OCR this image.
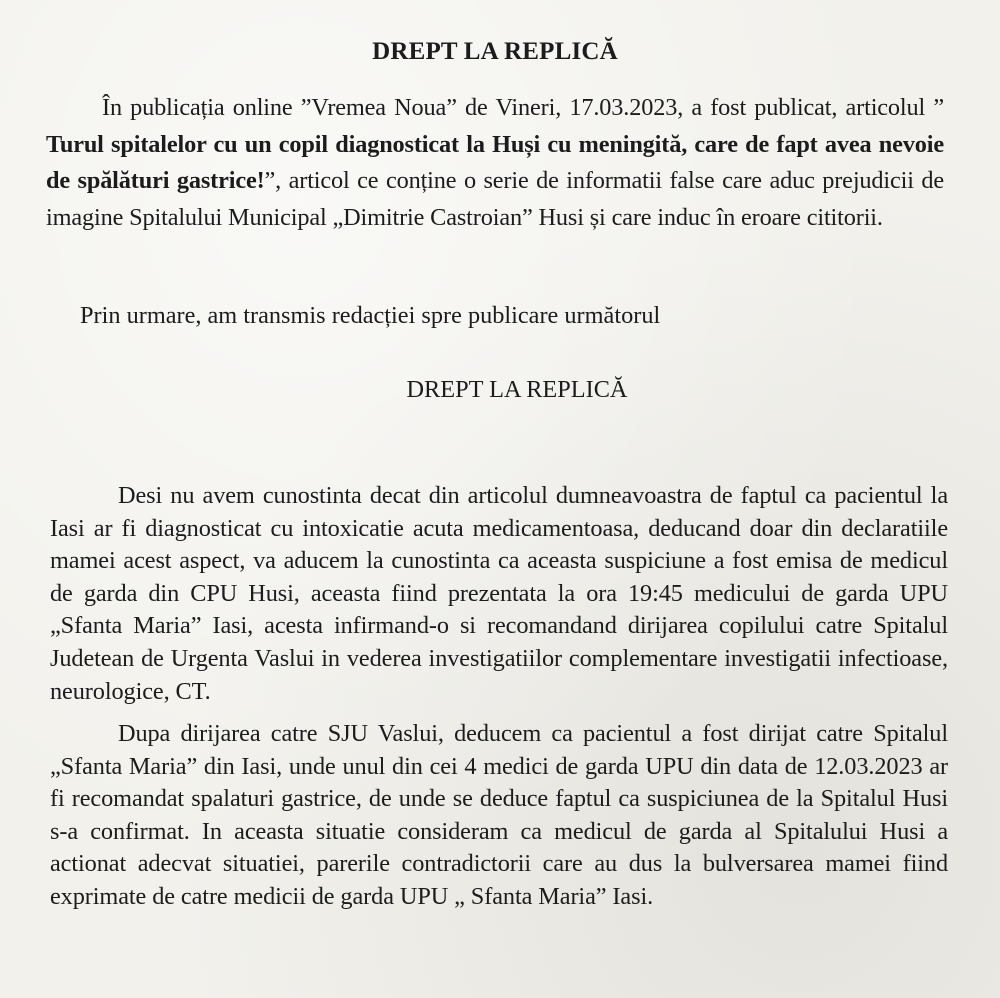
DREPT LA REPLICĂ
În publicația online ”Vremea Noua” de Vineri, 17.03.2023, a fost publicat, articolul ” Turul spitalelor cu un copil diagnosticat la Huși cu meningită, care de fapt avea nevoie de spălături gastrice!”, articol ce conține o serie de informatii false care aduc prejudicii de imagine Spitalului Municipal „Dimitrie Castroian” Husi și care induc în eroare cititorii.
Prin urmare, am transmis redacției spre publicare următorul
DREPT LA REPLICĂ
Desi nu avem cunostinta decat din articolul dumneavoastra de faptul ca pacientul la Iasi ar fi diagnosticat cu intoxicatie acuta medicamentoasa, deducand doar din declaratiile mamei acest aspect, va aducem la cunostinta ca aceasta suspiciune a fost emisa de medicul de garda din CPU Husi, aceasta fiind prezentata la ora 19:45 medicului de garda UPU „Sfanta Maria” Iasi, acesta infirmand-o si recomandand dirijarea copilului catre Spitalul Judetean de Urgenta Vaslui in vederea investigatiilor complementare investigatii infectioase, neurologice, CT.
Dupa dirijarea catre SJU Vaslui, deducem ca pacientul a fost dirijat catre Spitalul „Sfanta Maria” din Iasi, unde unul din cei 4 medici de garda UPU din data de 12.03.2023 ar fi recomandat spalaturi gastrice, de unde se deduce faptul ca suspiciunea de la Spitalul Husi s-a confirmat. In aceasta situatie consideram ca medicul de garda al Spitalului Husi a actionat adecvat situatiei, parerile contradictorii care au dus la bulversarea mamei fiind exprimate de catre medicii de garda UPU „ Sfanta Maria” Iasi.
